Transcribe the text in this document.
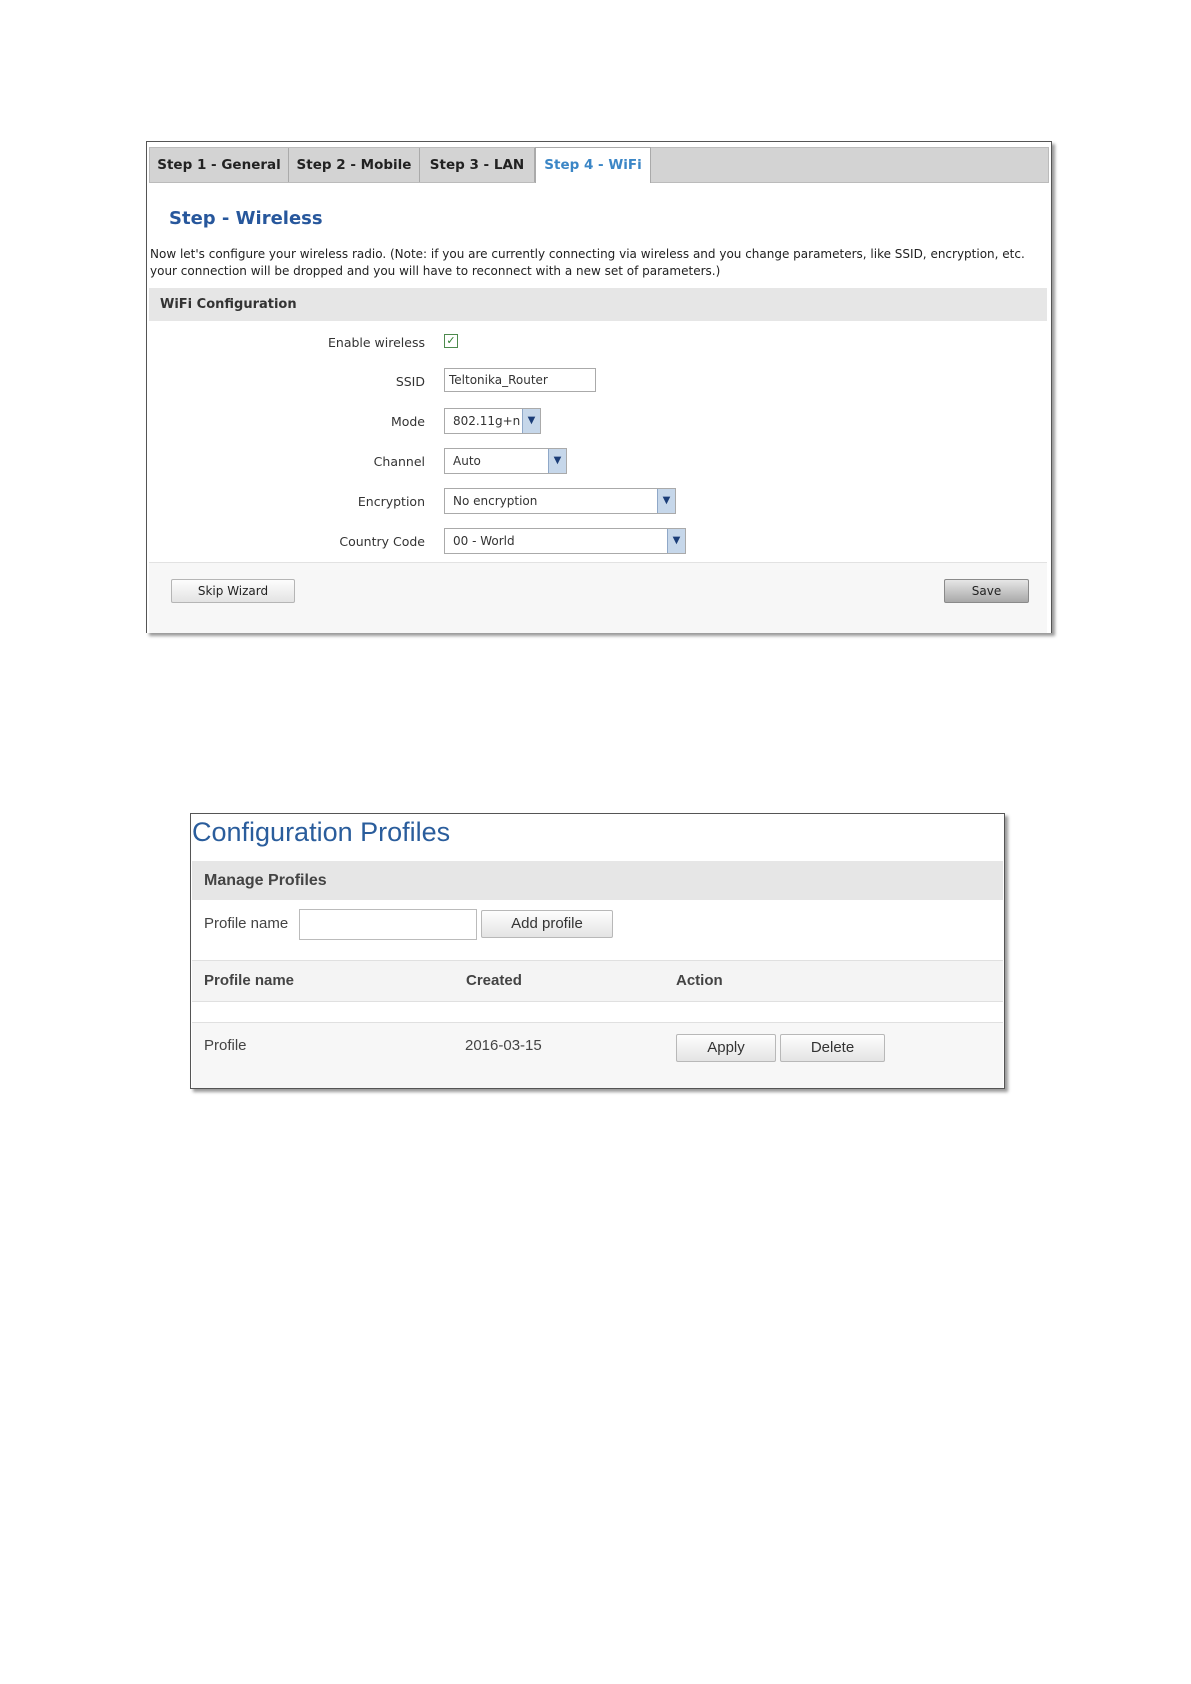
Step 1 - General	Step 2 - Mobile	Step 3 - LAN	Step 4 - WiFi
Step - Wireless
Now let's configure your wireless radio. (Note: if you are currently connecting via wireless and you change parameters, like SSID, encryption, etc. your connection will be dropped and you will have to reconnect with a new set of parameters.)
WiFi Configuration
Enable wireless ✓
SSID	Teltonika_Router
Mode 802.11g+n ▼
Channel Auto	▼
Encryption No encryption	▼
Country Code 00 - World	▼
Skip Wizard	Save
Configuration Profiles
Manage Profiles
Profile name	Add profile
Profile name	Created	Action
Profile	2016-03-15	Apply	Delete
